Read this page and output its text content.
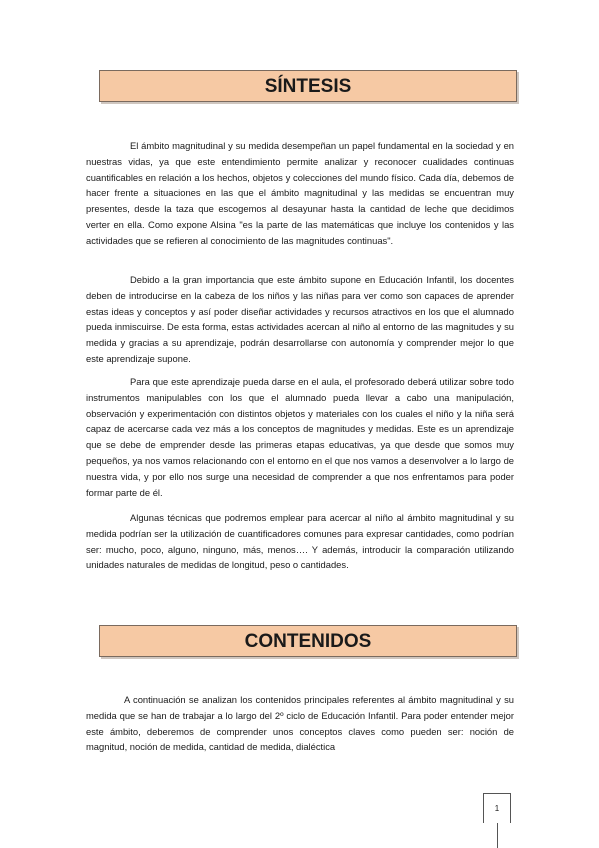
SÍNTESIS

El ámbito magnitudinal y su medida desempeñan un papel fundamental en la sociedad y en nuestras vidas, ya que este entendimiento permite analizar y reconocer cualidades continuas cuantificables en relación a los hechos, objetos y colecciones del mundo físico. Cada día, debemos de hacer frente a situaciones en las que el ámbito magnitudinal y las medidas se encuentran muy presentes, desde la taza que escogemos al desayunar hasta la cantidad de leche que decidimos verter en ella. Como expone Alsina "es la parte de las matemáticas que incluye los contenidos y las actividades que se refieren al conocimiento de las magnitudes continuas".

Debido a la gran importancia que este ámbito supone en Educación Infantil, los docentes deben de introducirse en la cabeza de los niños y las niñas para ver como son capaces de aprender estas ideas y conceptos y así poder diseñar actividades y recursos atractivos en los que el alumnado pueda inmiscuirse. De esta forma, estas actividades acercan al niño al entorno de las magnitudes y su medida y gracias a su aprendizaje, podrán desarrollarse con autonomía y comprender mejor lo que este aprendizaje supone.

Para que este aprendizaje pueda darse en el aula, el profesorado deberá utilizar sobre todo instrumentos manipulables con los que el alumnado pueda llevar a cabo una manipulación, observación y experimentación con distintos objetos y materiales con los cuales el niño y la niña será capaz de acercarse cada vez más a los conceptos de magnitudes y medidas. Este es un aprendizaje que se debe de emprender desde las primeras etapas educativas, ya que desde que somos muy pequeños, ya nos vamos relacionando con el entorno en el que nos vamos a desenvolver a lo largo de nuestra vida, y por ello nos surge una necesidad de comprender a que nos enfrentamos para poder formar parte de él.

Algunas técnicas que podremos emplear para acercar al niño al ámbito magnitudinal y su medida podrían ser la utilización de cuantificadores comunes para expresar cantidades, como podrían ser: mucho, poco, alguno, ninguno, más, menos…. Y además, introducir la comparación utilizando unidades naturales de medidas de longitud, peso o cantidades.

CONTENIDOS

A continuación se analizan los contenidos principales referentes al ámbito magnitudinal y su medida que se han de trabajar a lo largo del 2º ciclo de Educación Infantil. Para poder entender mejor este ámbito, deberemos de comprender unos conceptos claves como pueden ser: noción de magnitud, noción de medida, cantidad de medida, dialéctica

1
